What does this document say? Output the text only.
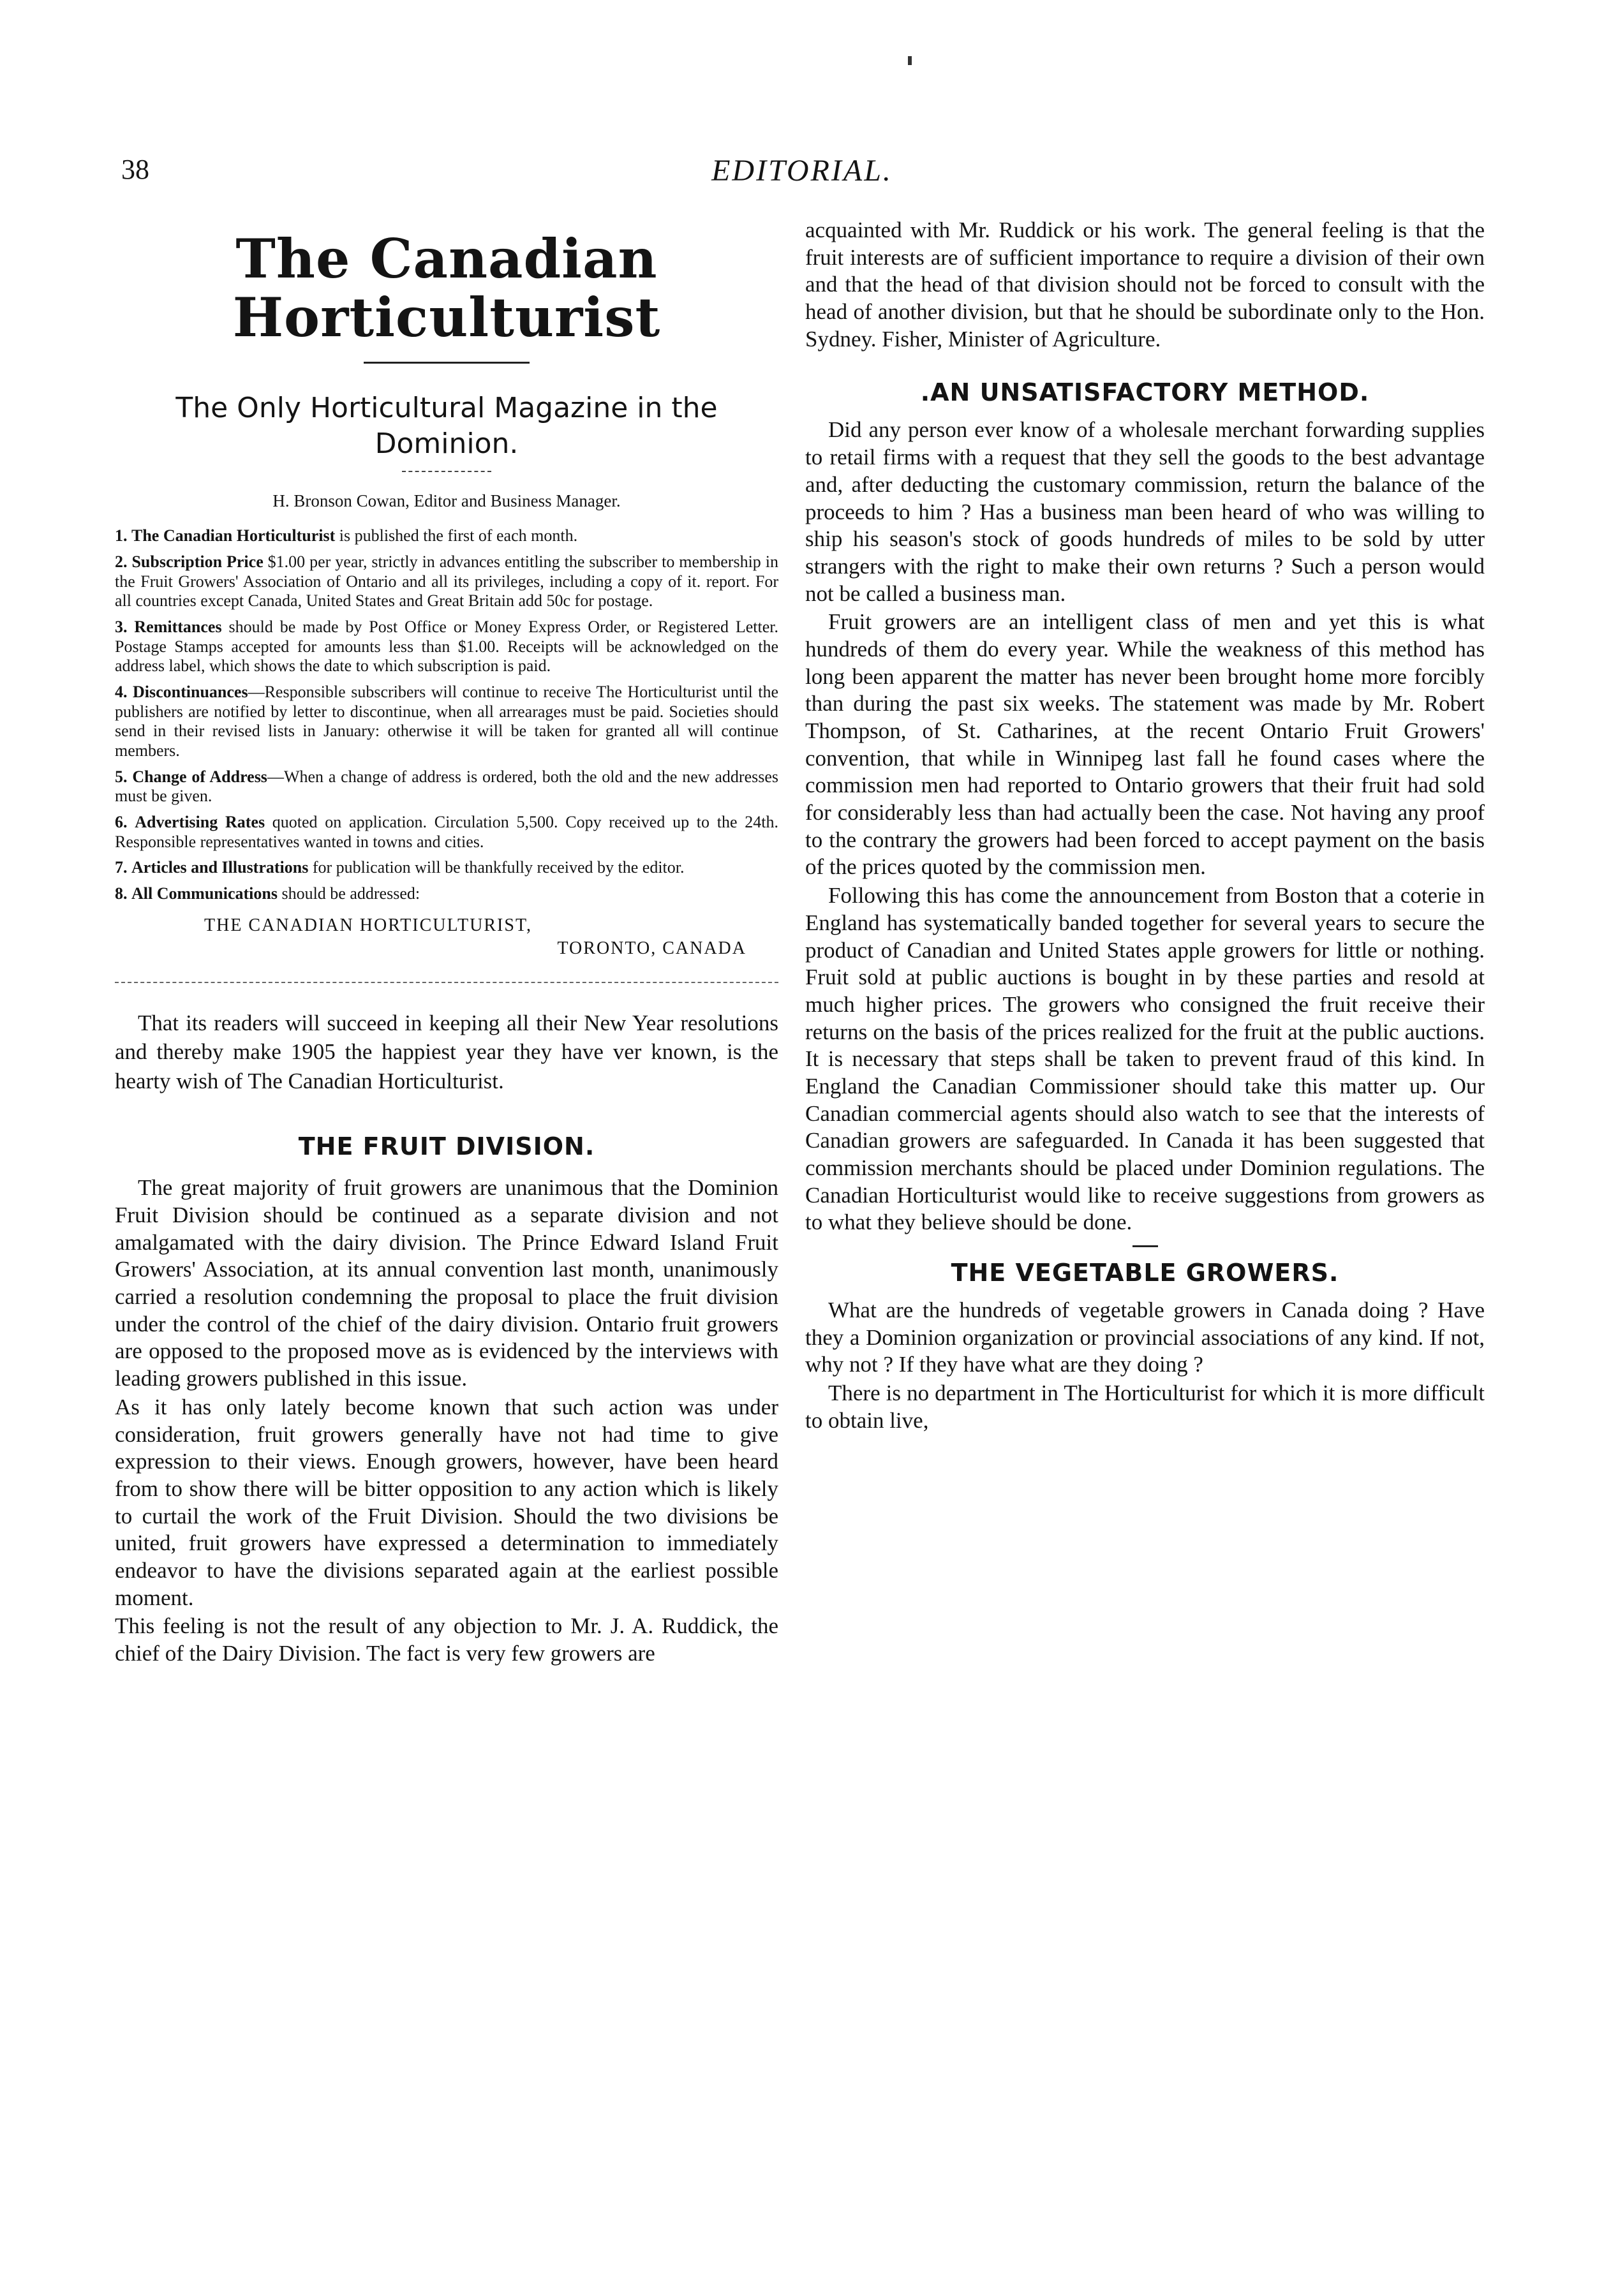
38	EDITORIAL.
The Canadian Horticulturist
The Only Horticultural Magazine in the Dominion.
H. Bronson Cowan, Editor and Business Manager.

1. The Canadian Horticulturist is published the first of each month.

2. Subscription Price $1.00 per year, strictly in advances entitling the subscriber to membership in the Fruit Growers' Association of Ontario and all its privileges, including a copy of it. report. For all countries except Canada, United States and Great Britain add 50c for postage.

3. Remittances should be made by Post Office or Money Express Order, or Registered Letter. Postage Stamps accepted for amounts less than $1.00. Receipts will be acknowledged on the address label, which shows the date to which subscription is paid.

4. Discontinuances—Responsible subscribers will continue to receive The Horticulturist until the publishers are notified by letter to discontinue, when all arrearages must be paid. Societies should send in their revised lists in January: otherwise it will be taken for granted all will continue members.

5. Change of Address—When a change of address is ordered, both the old and the new addresses must be given.

6. Advertising Rates quoted on application. Circulation 5,500. Copy received up to the 24th. Responsible representatives wanted in towns and cities.

7. Articles and Illustrations for publication will be thankfully received by the editor.

8. All Communications should be addressed:

THE CANADIAN HORTICULTURIST,
TORONTO, CANADA

That its readers will succeed in keeping all their New Year resolutions and thereby make 1905 the happiest year they have ver known, is the hearty wish of The Canadian Horticulturist.

THE FRUIT DIVISION.

The great majority of fruit growers are unanimous that the Dominion Fruit Division should be continued as a separate division and not amalgamated with the dairy division. The Prince Edward Island Fruit Growers' Association, at its annual convention last month, unanimously carried a resolution condemning the proposal to place the fruit division under the control of the chief of the dairy division. Ontario fruit growers are opposed to the proposed move as is evidenced by the interviews with leading growers published in this issue.

As it has only lately become known that such action was under consideration, fruit growers generally have not had time to give expression to their views. Enough growers, however, have been heard from to show there will be bitter opposition to any action which is likely to curtail the work of the Fruit Division. Should the two divisions be united, fruit growers have expressed a determination to immediately endeavor to have the divisions separated again at the earliest possible moment.

This feeling is not the result of any objection to Mr. J. A. Ruddick, the chief of the Dairy Division. The fact is very few growers are

acquainted with Mr. Ruddick or his work. The general feeling is that the fruit interests are of sufficient importance to require a division of their own and that the head of that division should not be forced to consult with the head of another division, but that he should be subordinate only to the Hon. Sydney. Fisher, Minister of Agriculture.

.AN UNSATISFACTORY METHOD.

Did any person ever know of a wholesale merchant forwarding supplies to retail firms with a request that they sell the goods to the best advantage and, after deducting the customary commission, return the balance of the proceeds to him ? Has a business man been heard of who was willing to ship his season's stock of goods hundreds of miles to be sold by utter strangers with the right to make their own returns ? Such a person would not be called a business man.

Fruit growers are an intelligent class of men and yet this is what hundreds of them do every year. While the weakness of this method has long been apparent the matter has never been brought home more forcibly than during the past six weeks. The statement was made by Mr. Robert Thompson, of St. Catharines, at the recent Ontario Fruit Growers' convention, that while in Winnipeg last fall he found cases where the commission men had reported to Ontario growers that their fruit had sold for considerably less than had actually been the case. Not having any proof to the contrary the growers had been forced to accept payment on the basis of the prices quoted by the commission men.

Following this has come the announcement from Boston that a coterie in England has systematically banded together for several years to secure the product of Canadian and United States apple growers for little or nothing. Fruit sold at public auctions is bought in by these parties and resold at much higher prices. The growers who consigned the fruit receive their returns on the basis of the prices realized for the fruit at the public auctions. It is necessary that steps shall be taken to prevent fraud of this kind. In England the Canadian Commissioner should take this matter up. Our Canadian commercial agents should also watch to see that the interests of Canadian growers are safeguarded. In Canada it has been suggested that commission merchants should be placed under Dominion regulations. The Canadian Horticulturist would like to receive suggestions from growers as to what they believe should be done.

THE VEGETABLE GROWERS.

What are the hundreds of vegetable growers in Canada doing ? Have they a Dominion organization or provincial associations of any kind. If not, why not ? If they have what are they doing ?

There is no department in The Horticulturist for which it is more difficult to obtain live,
